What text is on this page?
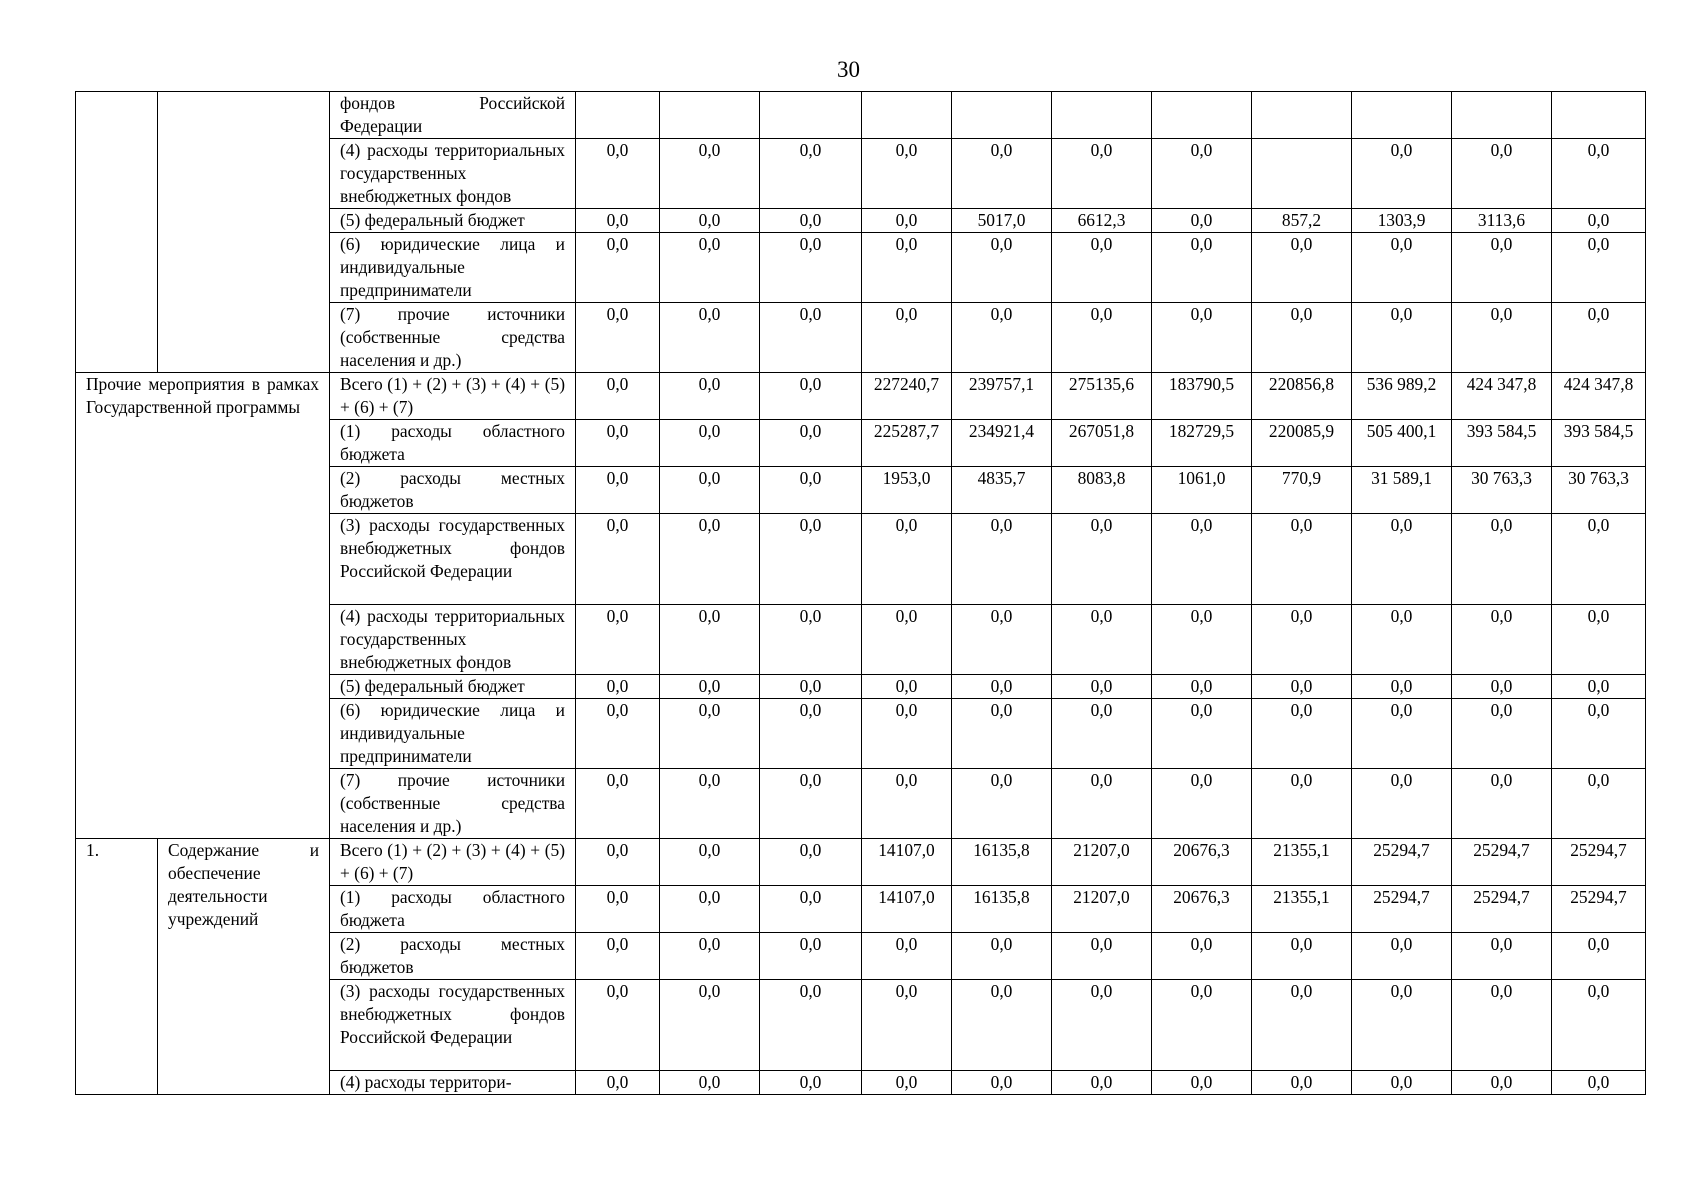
30
		фондов Российской Федерации											
		(4) расходы территориальных государственных внебюджетных фондов	0,0	0,0	0,0	0,0	0,0	0,0	0,0		0,0	0,0	0,0
		(5) федеральный бюджет	0,0	0,0	0,0	0,0	5017,0	6612,3	0,0	857,2	1303,9	3113,6	0,0
		(6) юридические лица и индивидуальные предприниматели	0,0	0,0	0,0	0,0	0,0	0,0	0,0	0,0	0,0	0,0	0,0
		(7) прочие источники (собственные средства населения и др.)	0,0	0,0	0,0	0,0	0,0	0,0	0,0	0,0	0,0	0,0	0,0
Прочие мероприятия в рамках Государственной программы		Всего (1) + (2) + (3) + (4) + (5) + (6) + (7)	0,0	0,0	0,0	227240,7	239757,1	275135,6	183790,5	220856,8	536 989,2	424 347,8	424 347,8
		(1) расходы областного бюджета	0,0	0,0	0,0	225287,7	234921,4	267051,8	182729,5	220085,9	505 400,1	393 584,5	393 584,5
		(2) расходы местных бюджетов	0,0	0,0	0,0	1953,0	4835,7	8083,8	1061,0	770,9	31 589,1	30 763,3	30 763,3
		(3) расходы государственных внебюджетных фондов Российской Федерации	0,0	0,0	0,0	0,0	0,0	0,0	0,0	0,0	0,0	0,0	0,0
		(4) расходы территориальных государственных внебюджетных фондов	0,0	0,0	0,0	0,0	0,0	0,0	0,0	0,0	0,0	0,0	0,0
		(5) федеральный бюджет	0,0	0,0	0,0	0,0	0,0	0,0	0,0	0,0	0,0	0,0	0,0
		(6) юридические лица и индивидуальные предприниматели	0,0	0,0	0,0	0,0	0,0	0,0	0,0	0,0	0,0	0,0	0,0
		(7) прочие источники (собственные средства населения и др.)	0,0	0,0	0,0	0,0	0,0	0,0	0,0	0,0	0,0	0,0	0,0
1.	Содержание и обеспечение деятельности учреждений	Всего (1) + (2) + (3) + (4) + (5) + (6) + (7)	0,0	0,0	0,0	14107,0	16135,8	21207,0	20676,3	21355,1	25294,7	25294,7	25294,7
		(1) расходы областного бюджета	0,0	0,0	0,0	14107,0	16135,8	21207,0	20676,3	21355,1	25294,7	25294,7	25294,7
		(2) расходы местных бюджетов	0,0	0,0	0,0	0,0	0,0	0,0	0,0	0,0	0,0	0,0	0,0
		(3) расходы государственных внебюджетных фондов Российской Федерации	0,0	0,0	0,0	0,0	0,0	0,0	0,0	0,0	0,0	0,0	0,0
		(4) расходы территори-	0,0	0,0	0,0	0,0	0,0	0,0	0,0	0,0	0,0	0,0	0,0
